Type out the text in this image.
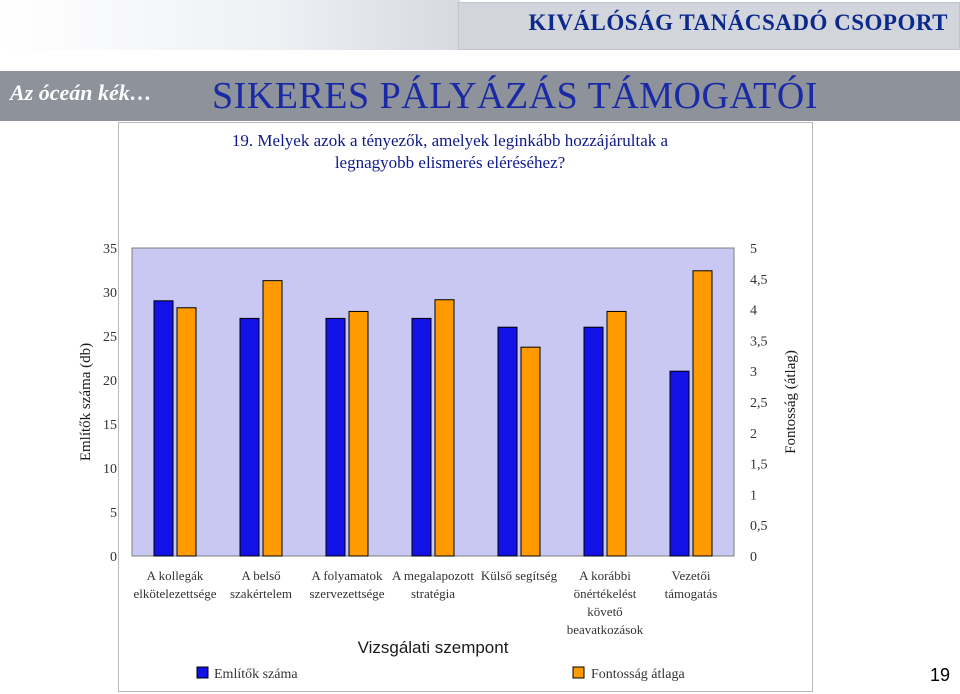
KIVÁLÓSÁG TANÁCSADÓ CSOPORT
Az óceán kék… SIKERES PÁLYÁZÁS TÁMOGATÓI
19. Melyek azok a tényezők, amelyek leginkább hozzájárultak a
legnagyobb elismerés eléréséhez?
0
5
10
15
20
25
30
35
0
0,5
1
1,5
2
2,5
3
3,5
4
4,5
5
Említők száma (db)	Fontosság (átlag)
A kollegák
elkötelezettsége
A belső
szakértelem
A folyamatok
szervezettsége
A megalapozott
stratégia
Külső segítség A korábbi
önértékelést
követő
beavatkozások
Vezetői
támogatás
Vizsgálati szempont
Említők száma	Fontosság átlaga	19
